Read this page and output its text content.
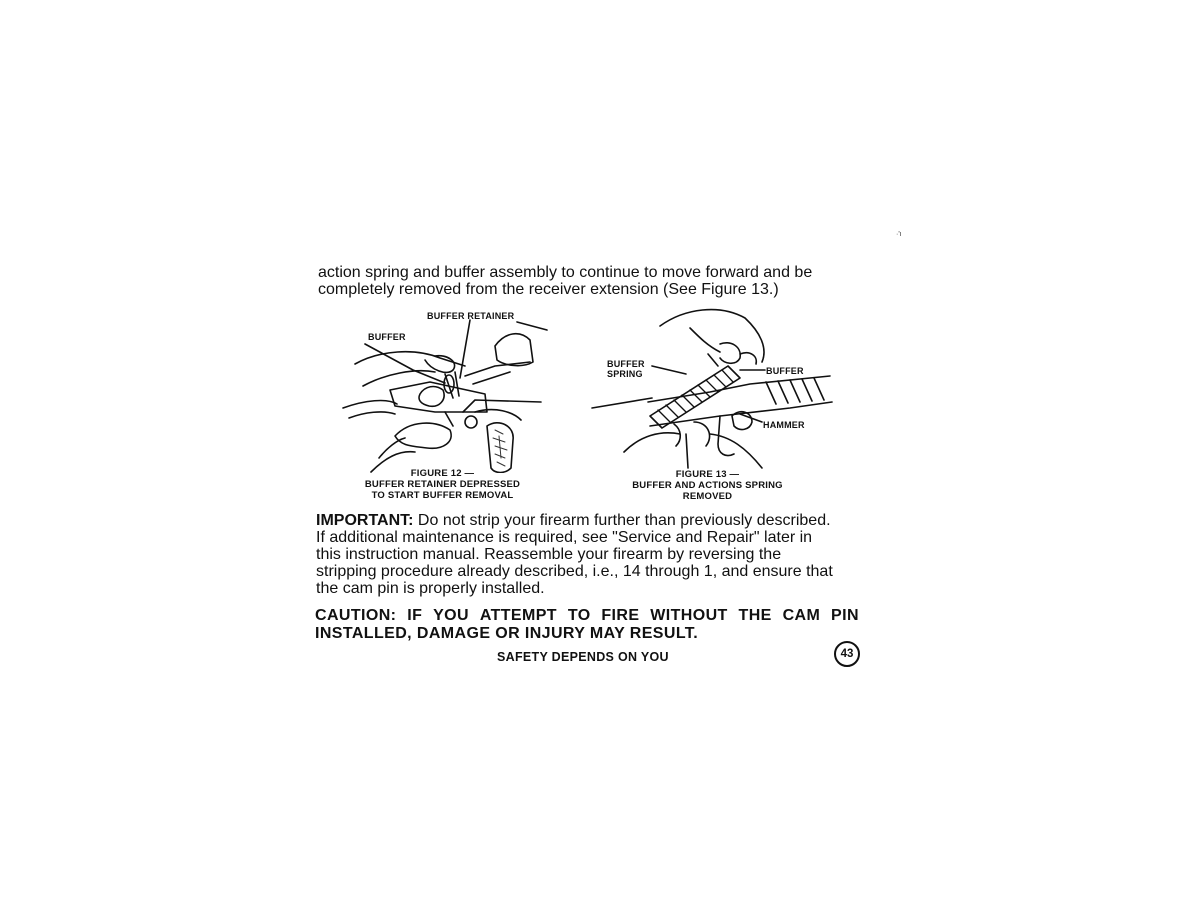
·'ı
action spring and buffer assembly to continue to move forward and be
completely removed from the receiver extension (See Figure 13.)
BUFFER RETAINER
BUFFER
FIGURE 12 —
BUFFER RETAINER DEPRESSED
TO START BUFFER REMOVAL
BUFFER
SPRING	BUFFER
HAMMER
FIGURE 13 —
BUFFER AND ACTIONS SPRING
REMOVED
IMPORTANT: Do not strip your firearm further than previously described.
If additional maintenance is required, see "Service and Repair" later in
this instruction manual. Reassemble your firearm by reversing the
stripping procedure already described, i.e., 14 through 1, and ensure that
the cam pin is properly installed.
CAUTION: IF YOU ATTEMPT TO FIRE WITHOUT THE CAM PIN
INSTALLED, DAMAGE OR INJURY MAY RESULT.
SAFETY DEPENDS ON YOU	43
